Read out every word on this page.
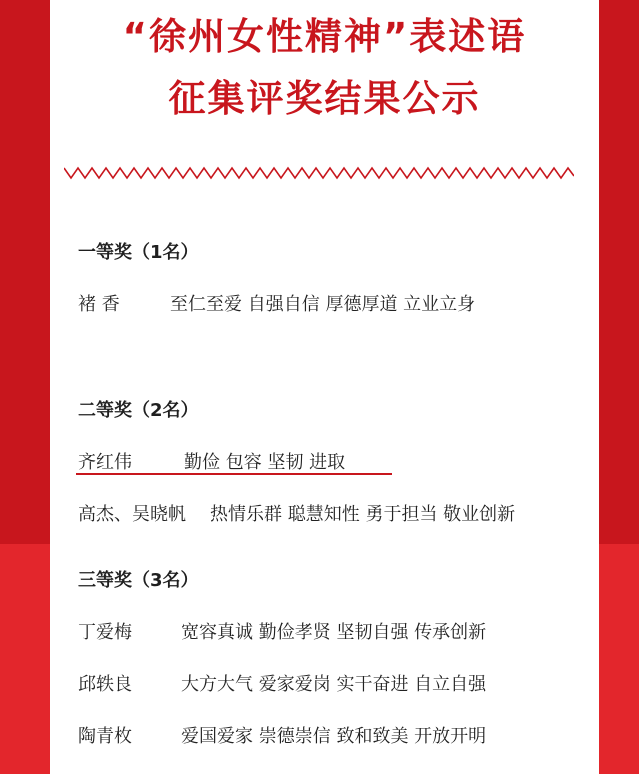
“徐州女性精神”表述语
征集评奖结果公示
一等奖（1名）
褚 香	至仁至爱 自强自信 厚德厚道 立业立身
二等奖（2名）
齐红伟	勤俭 包容 坚韧 进取
高杰、吴晓帆 热情乐群 聪慧知性 勇于担当 敬业创新
三等奖（3名）
丁爱梅	宽容真诚 勤俭孝贤 坚韧自强 传承创新
邱轶良	大方大气 爱家爱岗 实干奋进 自立自强
陶青枚	爱国爱家 崇德崇信 致和致美 开放开明
